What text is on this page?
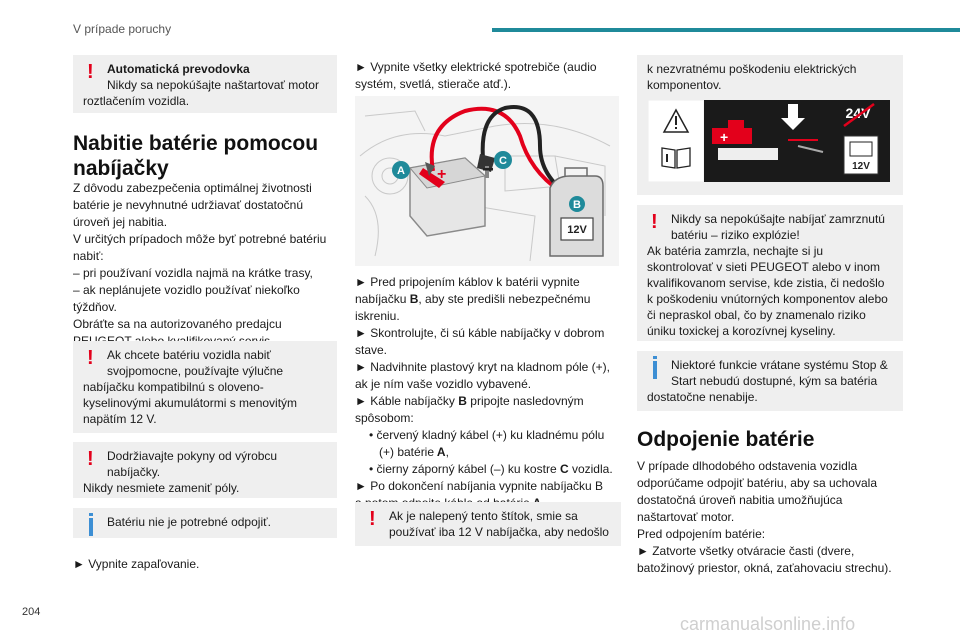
V prípade poruchy
!	Automatická prevodovka
Nikdy sa nepokúšajte naštartovať motor
roztlačením vozidla.
Nabitie batérie pomocou
nabíjačky
Z dôvodu zabezpečenia optimálnej životnosti
batérie je nevyhnutné udržiavať dostatočnú
úroveň jej nabitia.
V určitých prípadoch môže byť potrebné batériu
nabiť:
– pri používaní vozidla najmä na krátke trasy,
– ak neplánujete vozidlo používať niekoľko
týždňov.
Obráťte sa na autorizovaného predajcu
!	Ak chcete batériu vozidla nabiť
svojpomocne, používajte výlučne
nabíjačku kompatibilnú s oloveno-
kyselinovými akumulátormi s menovitým
napätím 12 V.
!	Dodržiavajte pokyny od výrobcu
nabíjačky.
Nikdy nesmiete zameniť póly.
Batériu nie je potrebné odpojiť.
► Vypnite zapaľovanie.
► Vypnite všetky elektrické spotrebiče (audio
systém, svetlá, stierače atď.).
+
A
C
B
12V
► Pred pripojením káblov k batérii vypnite
nabíjačku B, aby ste predišli nebezpečnému
iskreniu.
► Skontrolujte, či sú káble nabíjačky v dobrom
stave.
► Nadvihnite plastový kryt na kladnom póle (+),
ak je ním vaše vozidlo vybavené.
► Káble nabíjačky B pripojte nasledovným
spôsobom:
• červený kladný kábel (+) ku kladnému pólu
(+) batérie A,
• čierny záporný kábel (–) ku kostre C vozidla.
► Po dokončení nabíjania vypnite nabíjačku B
!	Ak je nalepený tento štítok, smie sa
používať iba 12 V nabíjačka, aby nedošlo
k nezvratnému poškodeniu elektrických
komponentov.
+
24V
12V
!	Nikdy sa nepokúšajte nabíjať zamrznutú
batériu – riziko explózie!
Ak batéria zamrzla, nechajte si ju
skontrolovať v sieti PEUGEOT alebo v inom
kvalifikovanom servise, kde zistia, či nedošlo
k poškodeniu vnútorných komponentov alebo
či nepraskol obal, čo by znamenalo riziko
úniku toxickej a korozívnej kyseliny.
Niektoré funkcie vrátane systému Stop &
Start nebudú dostupné, kým sa batéria
dostatočne nenabije.
Odpojenie batérie
V prípade dlhodobého odstavenia vozidla
odporúčame odpojiť batériu, aby sa uchovala
dostatočná úroveň nabitia umožňujúca
naštartovať motor.
Pred odpojením batérie:
► Zatvorte všetky otváracie časti (dvere,
batožinový priestor, okná, zaťahovaciu strechu).
204
carmanualsonline.info
